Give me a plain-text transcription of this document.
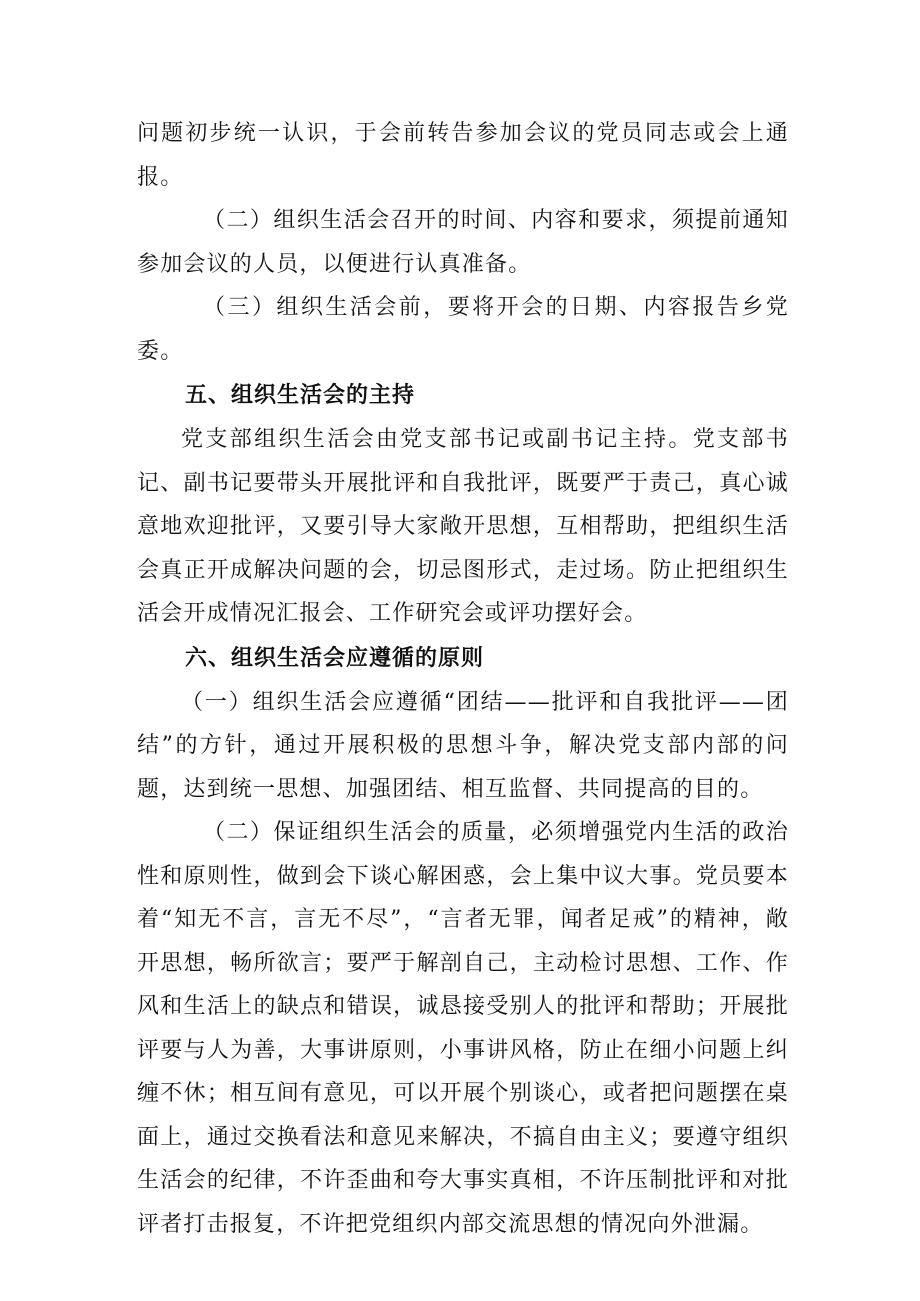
问题初步统一认识，于会前转告参加会议的党员同志或会上通报。

（二）组织生活会召开的时间、内容和要求，须提前通知参加会议的人员，以便进行认真准备。

（三）组织生活会前，要将开会的日期、内容报告乡党委。

五、组织生活会的主持

党支部组织生活会由党支部书记或副书记主持。党支部书记、副书记要带头开展批评和自我批评，既要严于责己，真心诚意地欢迎批评，又要引导大家敞开思想，互相帮助，把组织生活会真正开成解决问题的会，切忌图形式，走过场。防止把组织生活会开成情况汇报会、工作研究会或评功摆好会。

六、组织生活会应遵循的原则

（一）组织生活会应遵循“团结——批评和自我批评——团结”的方针，通过开展积极的思想斗争，解决党支部内部的问题，达到统一思想、加强团结、相互监督、共同提高的目的。

（二）保证组织生活会的质量，必须增强党内生活的政治性和原则性，做到会下谈心解困惑，会上集中议大事。党员要本着“知无不言，言无不尽”，“言者无罪，闻者足戒”的精神，敞开思想，畅所欲言；要严于解剖自己，主动检讨思想、工作、作风和生活上的缺点和错误，诚恳接受别人的批评和帮助；开展批评要与人为善，大事讲原则，小事讲风格，防止在细小问题上纠缠不休；相互间有意见，可以开展个别谈心，或者把问题摆在桌面上，通过交换看法和意见来解决，不搞自由主义；要遵守组织生活会的纪律，不许歪曲和夸大事实真相，不许压制批评和对批评者打击报复，不许把党组织内部交流思想的情况向外泄漏。
